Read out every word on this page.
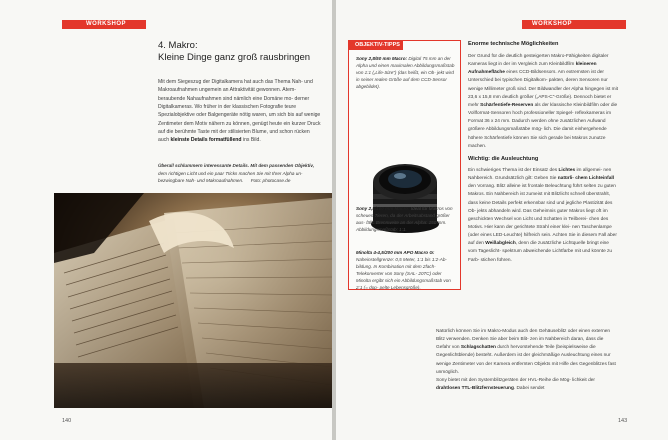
WORKSHOP
4. Makro:
Kleine Dinge ganz groß rausbringen
Mit dem Siegeszug der Digitalkamera hat auch das Thema Nah- und Makroaufnahmen ungemein an Attraktivität gewonnen. Atem- beraubende Nahaufnahmen sind nämlich eine Domäne mo- derner Digitalkameras. Wo früher in der klassischen Fotografie teure Spezialobjektive oder Balgengeräte nötig waren, um sich bis auf wenige Zentimeter dem Motiv nähern zu können, genügt heute ein kurzer Druck auf die berühmte Taste mit der stilisierten Blume, und schon rücken auch kleinste Details formatfüllend ins Bild.
Überall schlummern interessante Details. Mit dem passenden Objektiv, dem richtigen Licht und ein paar Tricks machen Sie mit Ihrer Alpha un- bezwingbare Nah- und Makroaufnahmen. Foto: photocase.de
140
WORKSHOP
OBJEKTIV-TIPPS
Sony 2,8/50 mm Macro: Digital 75 mm an der Alpha und einen maximalen Abbildungsmaßstab von 1:1 („Life-Size") (das heißt, ein Ob- jekt wird in seiner realen Größe auf dem CCD-Sensor abgebildet).
Sony 2,8/100 mm Macro: Ideal für Makros von scheuen Tieren, da der Arbeitsabstand größer aus- fällt. Brennweite an der Alpha: 150 mm. Abbildungsmaßstab: 1:1.
Minolta 4-4,5/200 mm APO Macro G: Naheinstellgrenze: 0,5 Meter, 1:1 bis 1:2-Ab- bildung. In Kombination mit dem 2fach-Telekonverter von Sony (SAL- 20TC) oder Minolta ergibt sich ein Abbildungsmaßstab von 2:1 (= dop- pelte Lebensgröße).
Enorme technische Möglichkeiten
Der Grund für die deutlich gesteigerten Makro-Fähigkeiten digitaler Kameras liegt in der im Vergleich zum Kleinbildfilm kleineren Aufnahmefläche eines CCD-Bildsensors. Am extremsten ist der Unterschied bei typischen Digitalkom- pakten, deren Sensoren nur wenige Millimeter groß sind. Der Bildwandler der Alpha hingegen ist mit 23,6 x 15,8 mm deutlich größer („APS-C"-Größe). Dennoch bietet er mehr Schärfentiefe-Reserven als der klassische Kleinbildfilm oder die Vollformat-Sensoren hoch professioneller Spiegel- reflexkameras im Format 36 x 24 mm. Dadurch werden ohne zusätzlichen Aufwand größere Abbildungsmaßstäbe mög- lich. Die damit einhergehende höhere Schärfentiefe können Sie sich gerade bei Makros zunutze machen.
Wichtig: die Ausleuchtung
Ein schwieriges Thema ist der Einsatz des Lichtes im allgemei- nen Nahbereich. Grundsätzlich gilt: Geben Sie natürli- chem Lichteinfall den Vorrang. Blitz alleine ist frontale Beleuchtung führt selten zu guten Makros. Ein Nahbereich ist zumeist mit Blitzlicht schnell überstrahlt, dass keine Details perfekt erkennbar sind und jegliche Plastizität des Ob- jekts abhandeln wird. Das Geheimnis guter Makros liegt oft im geschickten Wechsel von Licht und Schatten in Teilberei- chen des Motivs. Hier kann der gerichtete Strahl einer klei- nen Taschenlampe (oder eines LED-Leuchte) hilfreich sein. Achten Sie in diesem Fall aber auf den Weißabgleich, denn die zusätzliche Lichtquelle bringt eine vom Tageslicht- spektrum abweichende Lichtfarbe mit und könnte zu Farb- stichen führen.
Natürlich können Sie im Makro-Modus auch den Gehäuseblitz oder einen externen Blitz verwenden. Denken Sie aber beim Blit- zen im Nahbereich daran, dass die Gefahr von Schlagschatten durch hervorstehende Teile (beispielsweise die Gegenlichtblende) besteht. Außerdem ist der gleichmäßige Ausleuchtung eines nur wenige Zentimeter von der Kamera entfernten Objekts mit Hilfe des Gegenblitzes fast unmöglich.
Sony bietet mit den Systemblitzgeräten der HVL-Reihe die Mög- lichkeit der drahtlosen TTL-Blitzfernsteuerung. Dabei sendet
143
